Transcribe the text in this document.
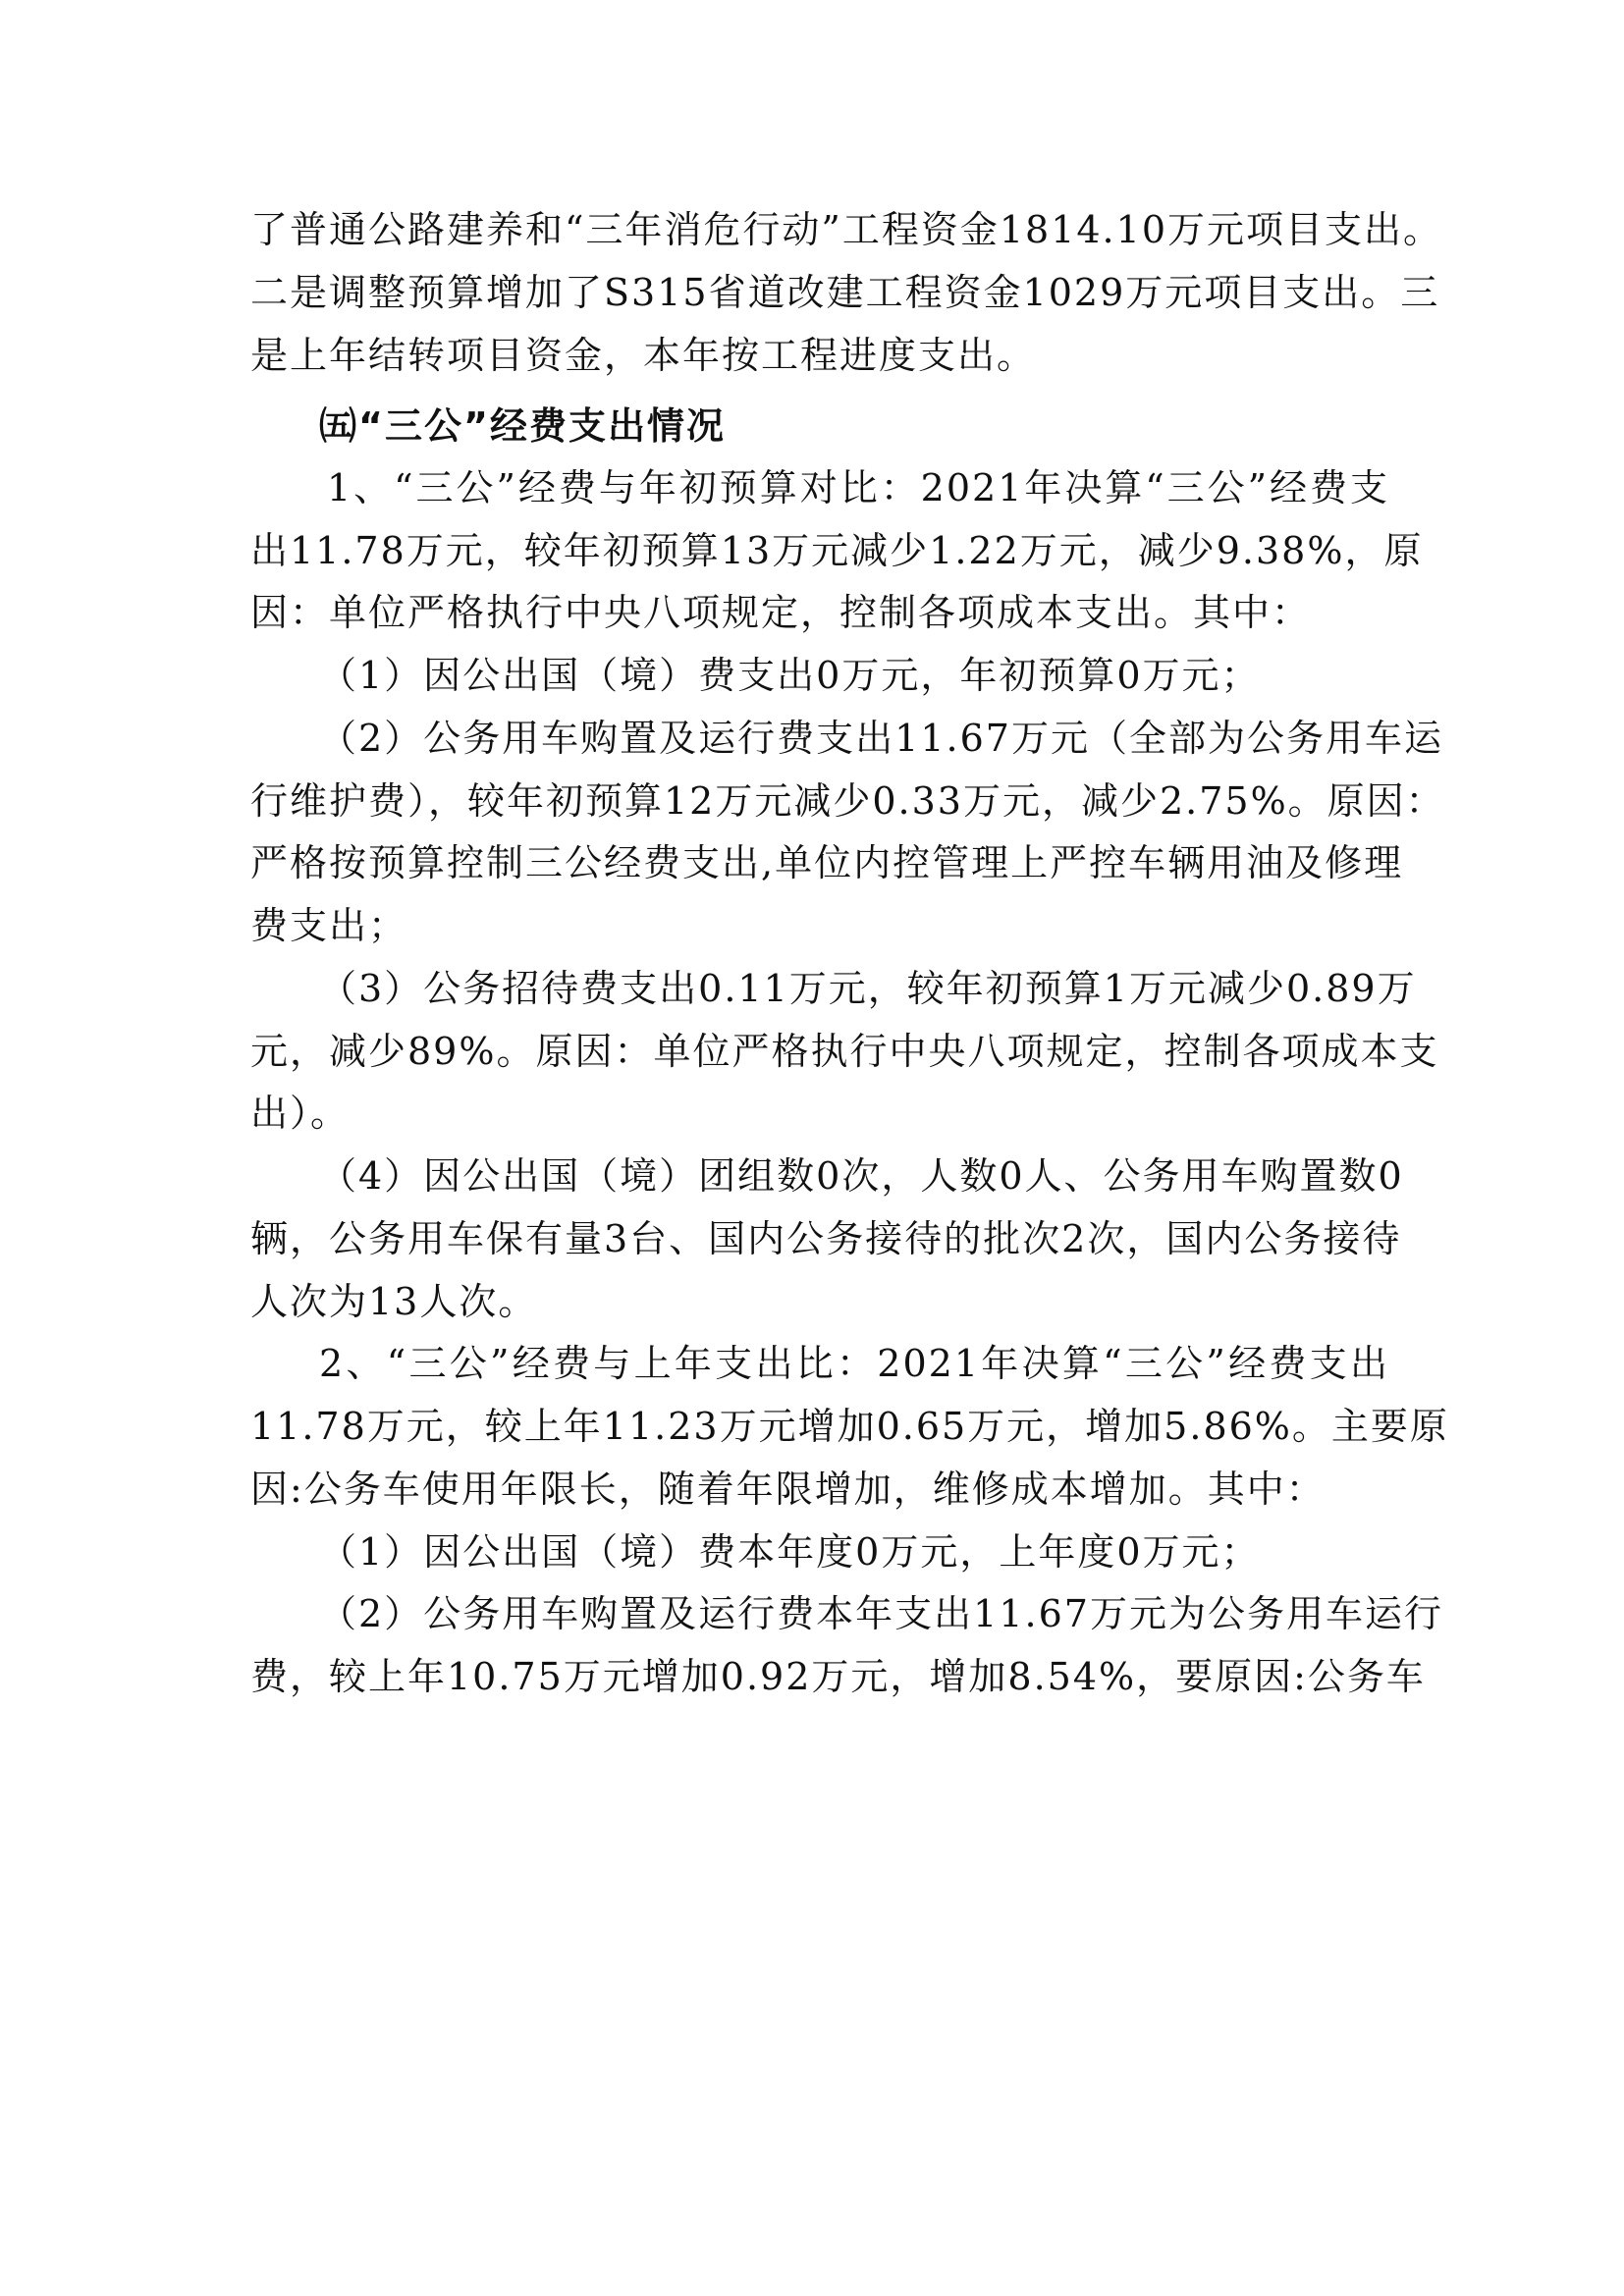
了普通公路建养和“三年消危行动”工程资金1814.10万元项目支出。
二是调整预算增加了S315省道改建工程资金1029万元项目支出。三
是上年结转项目资金，本年按工程进度支出。
㈤“三公”经费支出情况
1、“三公”经费与年初预算对比：2021年决算“三公”经费支
出11.78万元，较年初预算13万元减少1.22万元，减少9.38%，原
因：单位严格执行中央八项规定，控制各项成本支出。其中：
（1）因公出国（境）费支出0万元，年初预算0万元；
（2）公务用车购置及运行费支出11.67万元（全部为公务用车运
行维护费），较年初预算12万元减少0.33万元，减少2.75%。原因：
严格按预算控制三公经费支出,单位内控管理上严控车辆用油及修理
费支出；
（3）公务招待费支出0.11万元，较年初预算1万元减少0.89万
元，减少89%。原因：单位严格执行中央八项规定，控制各项成本支
出）。
（4）因公出国（境）团组数0次，人数0人、公务用车购置数0
辆，公务用车保有量3台、国内公务接待的批次2次，国内公务接待
人次为13人次。
2、“三公”经费与上年支出比：2021年决算“三公”经费支出
11.78万元，较上年11.23万元增加0.65万元，增加5.86%。主要原
因:公务车使用年限长，随着年限增加，维修成本增加。其中：
（1）因公出国（境）费本年度0万元，上年度0万元；
（2）公务用车购置及运行费本年支出11.67万元为公务用车运行
费，较上年10.75万元增加0.92万元，增加8.54%，要原因:公务车
